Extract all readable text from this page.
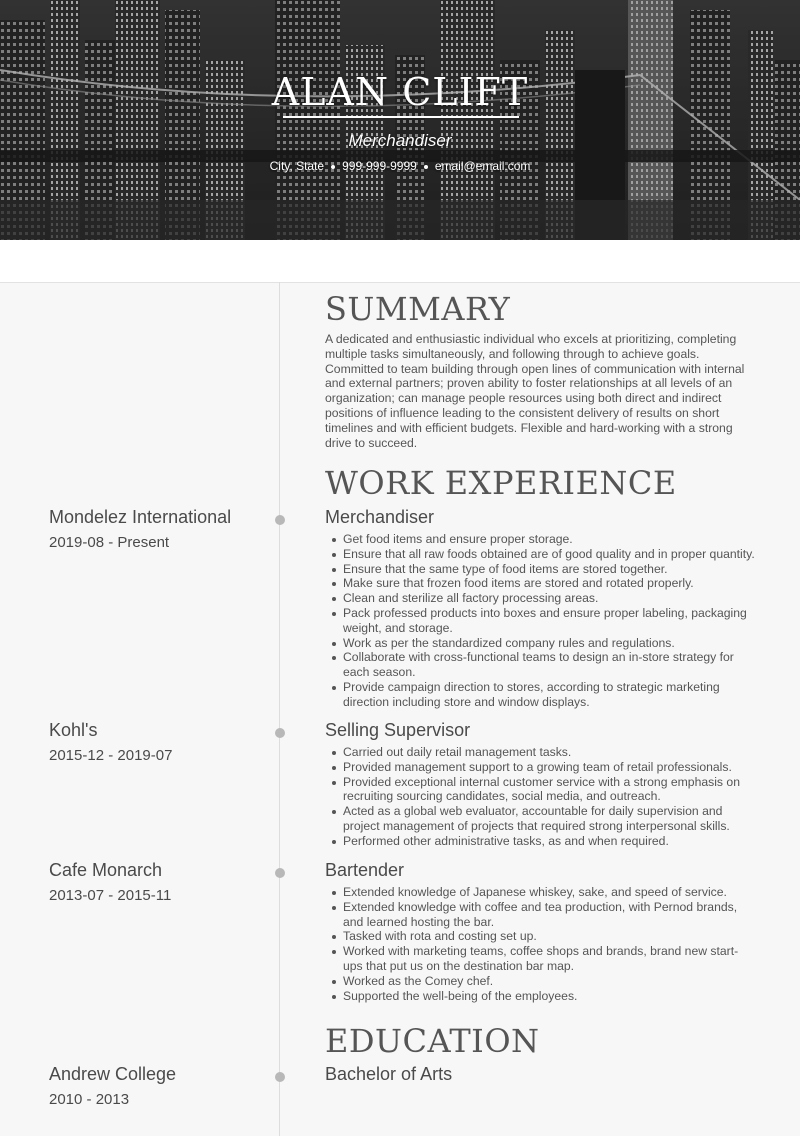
ALAN CLIFT
Merchandiser
City, State 999-999-9999 email@email.com
SUMMARY
A dedicated and enthusiastic individual who excels at prioritizing, completing multiple tasks simultaneously, and following through to achieve goals. Committed to team building through open lines of communication with internal and external partners; proven ability to foster relationships at all levels of an organization; can manage people resources using both direct and indirect positions of influence leading to the consistent delivery of results on short timelines and with efficient budgets. Flexible and hard-working with a strong drive to succeed.
WORK EXPERIENCE
Mondelez International
2019-08 - Present
Merchandiser
Get food items and ensure proper storage.
Ensure that all raw foods obtained are of good quality and in proper quantity.
Ensure that the same type of food items are stored together.
Make sure that frozen food items are stored and rotated properly.
Clean and sterilize all factory processing areas.
Pack professed products into boxes and ensure proper labeling, packaging weight, and storage.
Work as per the standardized company rules and regulations.
Collaborate with cross-functional teams to design an in-store strategy for each season.
Provide campaign direction to stores, according to strategic marketing direction including store and window displays.
Kohl's
2015-12 - 2019-07
Selling Supervisor
Carried out daily retail management tasks.
Provided management support to a growing team of retail professionals.
Provided exceptional internal customer service with a strong emphasis on recruiting sourcing candidates, social media, and outreach.
Acted as a global web evaluator, accountable for daily supervision and project management of projects that required strong interpersonal skills.
Performed other administrative tasks, as and when required.
Cafe Monarch
2013-07 - 2015-11
Bartender
Extended knowledge of Japanese whiskey, sake, and speed of service.
Extended knowledge with coffee and tea production, with Pernod brands, and learned hosting the bar.
Tasked with rota and costing set up.
Worked with marketing teams, coffee shops and brands, brand new start-ups that put us on the destination bar map.
Worked as the Comey chef.
Supported the well-being of the employees.
EDUCATION
Andrew College
2010 - 2013
Bachelor of Arts
